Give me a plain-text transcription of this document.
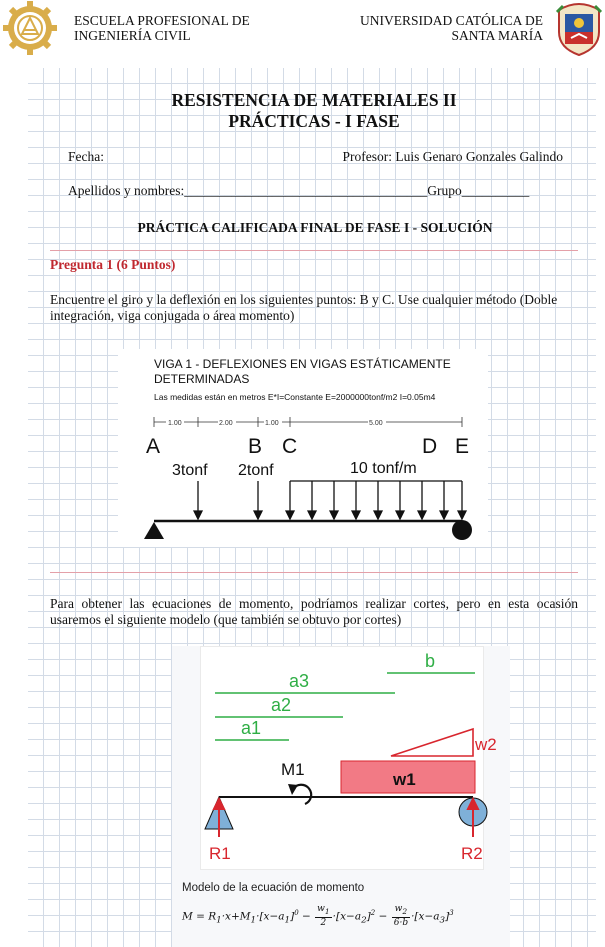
ESCUELA PROFESIONAL DE
INGENIERÍA CIVIL
UNIVERSIDAD CATÓLICA DE
SANTA MARÍA
RESISTENCIA DE MATERIALES II
PRÁCTICAS - I FASE
Fecha:	Profesor: Luis Genaro Gonzales Galindo
Apellidos y nombres:____________________________________Grupo__________
PRÁCTICA CALIFICADA FINAL DE FASE I - SOLUCIÓN
Pregunta 1 (6 Puntos)
Encuentre el giro y la deflexión en los siguientes puntos: B y C. Use cualquier método (Doble integración, viga conjugada o área momento)
VIGA 1 - DEFLEXIONES EN VIGAS ESTÁTICAMENTE
DETERMINADAS
Las medidas están en metros E*I=Constante E=2000000tonf/m2 I=0.05m4
1.00	2.00	1.00	5.00
A	B C	D E
3tonf 2tonf	10 tonf/m
Para obtener las ecuaciones de momento, podríamos realizar cortes, pero en esta ocasión usaremos el siguiente modelo (que también se obtuvo por cortes)
b
a3
a2
a1
w2
w1
M1
R1	R2
Modelo de la ecuación de momento
$M = R_1\cdot x+M_1\cdot[x-a_1]^0 - \frac{w_1}{2} \cdot[x-a_2]^2 - \frac{w_2}{6\cdot b} \cdot[x-a_3]^3$
